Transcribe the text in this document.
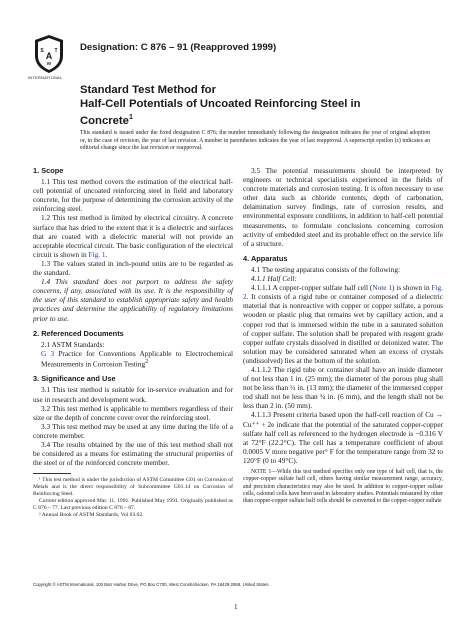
A
S T
M
INTERNATIONAL
Designation: C 876 – 91 (Reapproved 1999)

Standard Test Method for

Half-Cell Potentials of Uncoated Reinforcing Steel in

Concrete$^1$

This standard is issued under the fixed designation C 876; the number immediately following the designation indicates the year of original adoption or, in the case of revision, the year of last revision. A number in parentheses indicates the year of last reapproval. A superscript epsilon (ε) indicates an editorial change since the last revision or reapproval.

1. Scope

1.1 This test method covers the estimation of the electrical half-cell potential of uncoated reinforcing steel in field and laboratory concrete, for the purpose of determining the corrosion activity of the reinforcing steel.

1.2 This test method is limited by electrical circuitry. A concrete surface that has dried to the extent that it is a dielectric and surfaces that are coated with a dielectric material will not provide an acceptable electrical circuit. The basic configuration of the electrical circuit is shown in Fig. 1.

1.3 The values stated in inch-pound units are to be regarded as the standard.

1.4 This standard does not purport to address the safety concerns, if any, associated with its use. It is the responsibility of the user of this standard to establish appropriate safety and health practices and determine the applicability of regulatory limitations prior to use.

2. Referenced Documents

2.1 ASTM Standards:

G 3 Practice for Conventions Applicable to Electrochemical Measurements in Corrosion Testing$^2$

3. Significance and Use

3.1 This test method is suitable for in-service evaluation and for use in research and development work.

3.2 This test method is applicable to members regardless of their size or the depth of concrete cover over the reinforcing steel.

3.3 This test method may be used at any time during the life of a concrete member.

3.4 The results obtained by the use of this test method shall not be considered as a means for estimating the structural properties of the steel or of the reinforced concrete member.

¹ This test method is under the jurisdiction of ASTM Committee G01 on Corrosion of Metals and is the direct responsibility of Subcommittee G01.14 on Corrosion of Reinforcing Steel.

Current edition approved Mar. 11, 1991. Published May 1991. Originally published as C 876 – 77. Last previous edition C 876 – 87.

² Annual Book of ASTM Standards, Vol 03.02.

3.5 The potential measurements should be interpreted by engineers or technical specialists experienced in the fields of concrete materials and corrosion testing. It is often necessary to use other data such as chloride contents, depth of carbonation, delamination survey findings, rate of corrosion results, and environmental exposure conditions, in addition to half-cell potential measurements, to formulate conclusions concerning corrosion activity of embedded steel and its probable effect on the service life of a structure.

4. Apparatus

4.1 The testing apparatus consists of the following:

4.1.1 Half Cell:

4.1.1.1 A copper-copper sulfate half cell (Note 1) is shown in Fig. 2. It consists of a rigid tube or container composed of a dielectric material that is nonreactive with copper or copper sulfate, a porous wooden or plastic plug that remains wet by capillary action, and a copper rod that is immersed within the tube in a saturated solution of copper sulfate. The solution shall be prepared with reagent grade copper sulfate crystals dissolved in distilled or deionized water. The solution may be considered saturated when an excess of crystals (undissolved) lies at the bottom of the solution.

4.1.1.2 The rigid tube or container shall have an inside diameter of not less than 1 in. (25 mm); the diameter of the porous plug shall not be less than ½ in. (13 mm); the diameter of the immersed copper rod shall not be less than ¼ in. (6 mm), and the length shall not be less than 2 in. (50 mm).

4.1.1.3 Present criteria based upon the half-cell reaction of Cu → Cu⁺⁺ + 2e indicate that the potential of the saturated copper-copper sulfate half cell as referenced to the hydrogen electrode is −0.316 V at 72°F (22.2°C). The cell has a temperature coefficient of about 0.0005 V more negative per° F for the temperature range from 32 to 120°F (0 to 49°C).

NOTE 1—While this test method specifies only one type of half cell, that is, the copper-copper sulfate half cell, others having similar measurement range, accuracy, and precision characteristics may also be used. In addition to copper-copper sulfate cells, calomel cells have been used in laboratory studies. Potentials measured by other than copper-copper sulfate half cells should be converted to the copper-copper sulfate

Copyright © ASTM International, 100 Barr Harbor Drive, PO Box C700, West Conshohocken, PA 19428-2959, United States.
1
